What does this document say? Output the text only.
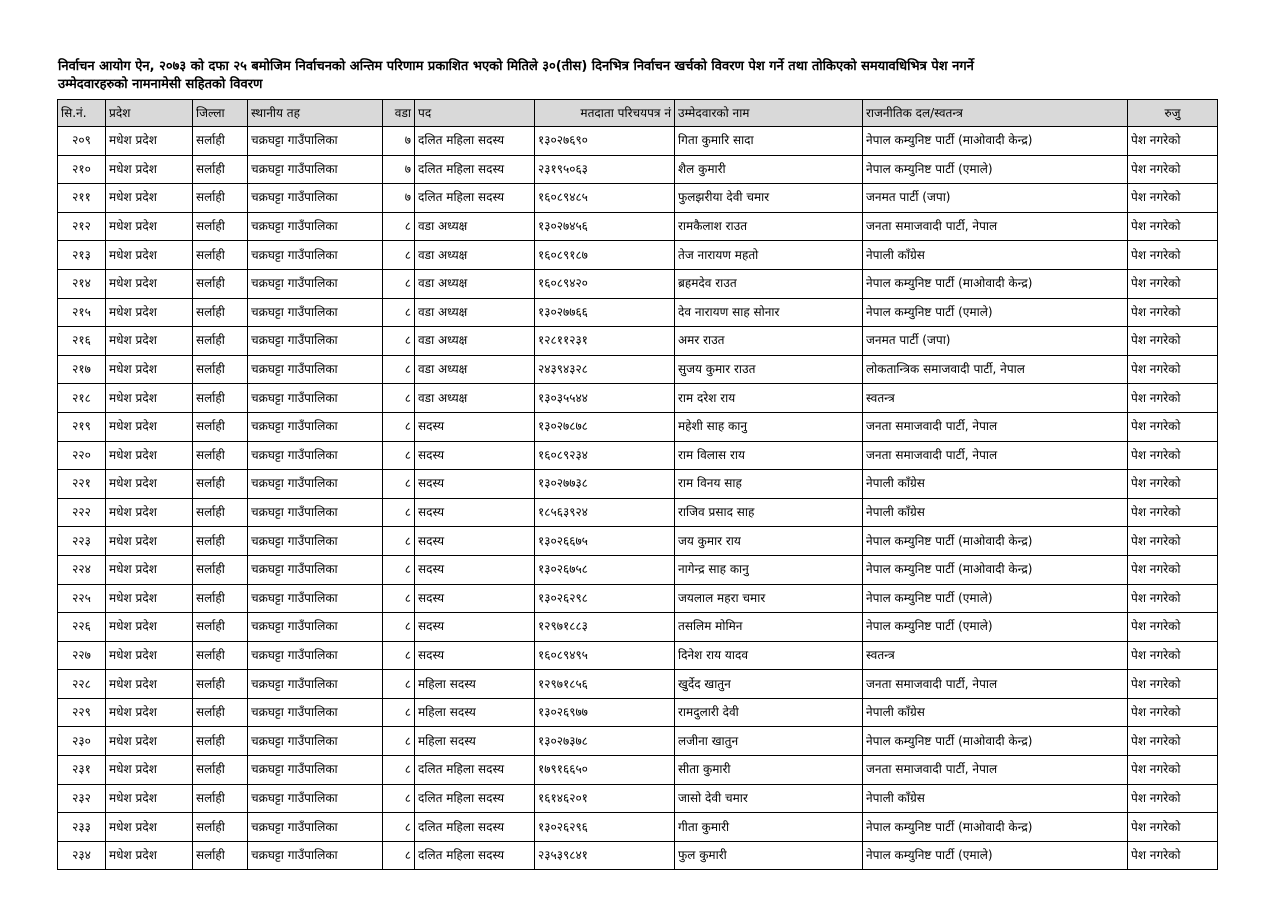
निर्वाचन आयोग ऐन, २०७३ को दफा २५ बमोजिम निर्वाचनको अन्तिम परिणाम प्रकाशित भएको मितिले ३०(तीस) दिनभित्र निर्वाचन खर्चको विवरण पेश गर्ने तथा तोकिएको समयावधिभित्र पेश नगर्ने
उम्मेदवारहरुको नामनामेसी सहितको विवरण
सि.नं.	प्रदेश	जिल्ला	स्थानीय तह	वडा	पद	मतदाता परिचयपत्र नं	उम्मेदवारको नाम	राजनीतिक दल/स्वतन्त्र	रुजु
२०९	मधेश प्रदेश	सर्लाही	चक्रघट्टा गाउँपालिका	७	दलित महिला सदस्य	१३०२७६९०	गिता कुमारि सादा	नेपाल कम्युनिष्ट पार्टी (माओवादी केन्द्र)	पेश नगरेको
२१०	मधेश प्रदेश	सर्लाही	चक्रघट्टा गाउँपालिका	७	दलित महिला सदस्य	२३१९५०६३	शैल कुमारी	नेपाल कम्युनिष्ट पार्टी (एमाले)	पेश नगरेको
२११	मधेश प्रदेश	सर्लाही	चक्रघट्टा गाउँपालिका	७	दलित महिला सदस्य	१६०८९४८५	फुलझरीया देवी चमार	जनमत पार्टी (जपा)	पेश नगरेको
२१२	मधेश प्रदेश	सर्लाही	चक्रघट्टा गाउँपालिका	८	वडा अध्यक्ष	१३०२७४५६	रामकैलाश राउत	जनता समाजवादी पार्टी, नेपाल	पेश नगरेको
२१३	मधेश प्रदेश	सर्लाही	चक्रघट्टा गाउँपालिका	८	वडा अध्यक्ष	१६०८९१८७	तेज नारायण महतो	नेपाली काँग्रेस	पेश नगरेको
२१४	मधेश प्रदेश	सर्लाही	चक्रघट्टा गाउँपालिका	८	वडा अध्यक्ष	१६०८९४२०	ब्रहमदेव राउत	नेपाल कम्युनिष्ट पार्टी (माओवादी केन्द्र)	पेश नगरेको
२१५	मधेश प्रदेश	सर्लाही	चक्रघट्टा गाउँपालिका	८	वडा अध्यक्ष	१३०२७७६६	देव नारायण साह सोनार	नेपाल कम्युनिष्ट पार्टी (एमाले)	पेश नगरेको
२१६	मधेश प्रदेश	सर्लाही	चक्रघट्टा गाउँपालिका	८	वडा अध्यक्ष	१२८११२३१	अमर राउत	जनमत पार्टी (जपा)	पेश नगरेको
२१७	मधेश प्रदेश	सर्लाही	चक्रघट्टा गाउँपालिका	८	वडा अध्यक्ष	२४३९४३२८	सुजय कुमार राउत	लोकतान्त्रिक समाजवादी पार्टी, नेपाल	पेश नगरेको
२१८	मधेश प्रदेश	सर्लाही	चक्रघट्टा गाउँपालिका	८	वडा अध्यक्ष	१३०३५५४४	राम दरेश राय	स्वतन्त्र	पेश नगरेको
२१९	मधेश प्रदेश	सर्लाही	चक्रघट्टा गाउँपालिका	८	सदस्य	१३०२७८७८	महेशी साह कानु	जनता समाजवादी पार्टी, नेपाल	पेश नगरेको
२२०	मधेश प्रदेश	सर्लाही	चक्रघट्टा गाउँपालिका	८	सदस्य	१६०८९२३४	राम विलास राय	जनता समाजवादी पार्टी, नेपाल	पेश नगरेको
२२१	मधेश प्रदेश	सर्लाही	चक्रघट्टा गाउँपालिका	८	सदस्य	१३०२७७३८	राम विनय साह	नेपाली काँग्रेस	पेश नगरेको
२२२	मधेश प्रदेश	सर्लाही	चक्रघट्टा गाउँपालिका	८	सदस्य	१८५६३९२४	राजिव प्रसाद साह	नेपाली काँग्रेस	पेश नगरेको
२२३	मधेश प्रदेश	सर्लाही	चक्रघट्टा गाउँपालिका	८	सदस्य	१३०२६६७५	जय कुमार राय	नेपाल कम्युनिष्ट पार्टी (माओवादी केन्द्र)	पेश नगरेको
२२४	मधेश प्रदेश	सर्लाही	चक्रघट्टा गाउँपालिका	८	सदस्य	१३०२६७५८	नागेन्द्र साह कानु	नेपाल कम्युनिष्ट पार्टी (माओवादी केन्द्र)	पेश नगरेको
२२५	मधेश प्रदेश	सर्लाही	चक्रघट्टा गाउँपालिका	८	सदस्य	१३०२६२९८	जयलाल महरा चमार	नेपाल कम्युनिष्ट पार्टी (एमाले)	पेश नगरेको
२२६	मधेश प्रदेश	सर्लाही	चक्रघट्टा गाउँपालिका	८	सदस्य	१२९७१८८३	तसलिम मोमिन	नेपाल कम्युनिष्ट पार्टी (एमाले)	पेश नगरेको
२२७	मधेश प्रदेश	सर्लाही	चक्रघट्टा गाउँपालिका	८	सदस्य	१६०८९४९५	दिनेश राय यादव	स्वतन्त्र	पेश नगरेको
२२८	मधेश प्रदेश	सर्लाही	चक्रघट्टा गाउँपालिका	८	महिला सदस्य	१२९७१८५६	खुर्देद खातुन	जनता समाजवादी पार्टी, नेपाल	पेश नगरेको
२२९	मधेश प्रदेश	सर्लाही	चक्रघट्टा गाउँपालिका	८	महिला सदस्य	१३०२६९७७	रामदुलारी देवी	नेपाली काँग्रेस	पेश नगरेको
२३०	मधेश प्रदेश	सर्लाही	चक्रघट्टा गाउँपालिका	८	महिला सदस्य	१३०२७३७८	लजीना खातुन	नेपाल कम्युनिष्ट पार्टी (माओवादी केन्द्र)	पेश नगरेको
२३१	मधेश प्रदेश	सर्लाही	चक्रघट्टा गाउँपालिका	८	दलित महिला सदस्य	१७९१६६५०	सीता कुमारी	जनता समाजवादी पार्टी, नेपाल	पेश नगरेको
२३२	मधेश प्रदेश	सर्लाही	चक्रघट्टा गाउँपालिका	८	दलित महिला सदस्य	१६१४६२०१	जासो देवी चमार	नेपाली काँग्रेस	पेश नगरेको
२३३	मधेश प्रदेश	सर्लाही	चक्रघट्टा गाउँपालिका	८	दलित महिला सदस्य	१३०२६२९६	गीता कुमारी	नेपाल कम्युनिष्ट पार्टी (माओवादी केन्द्र)	पेश नगरेको
२३४	मधेश प्रदेश	सर्लाही	चक्रघट्टा गाउँपालिका	८	दलित महिला सदस्य	२३५३९८४१	फुल कुमारी	नेपाल कम्युनिष्ट पार्टी (एमाले)	पेश नगरेको
